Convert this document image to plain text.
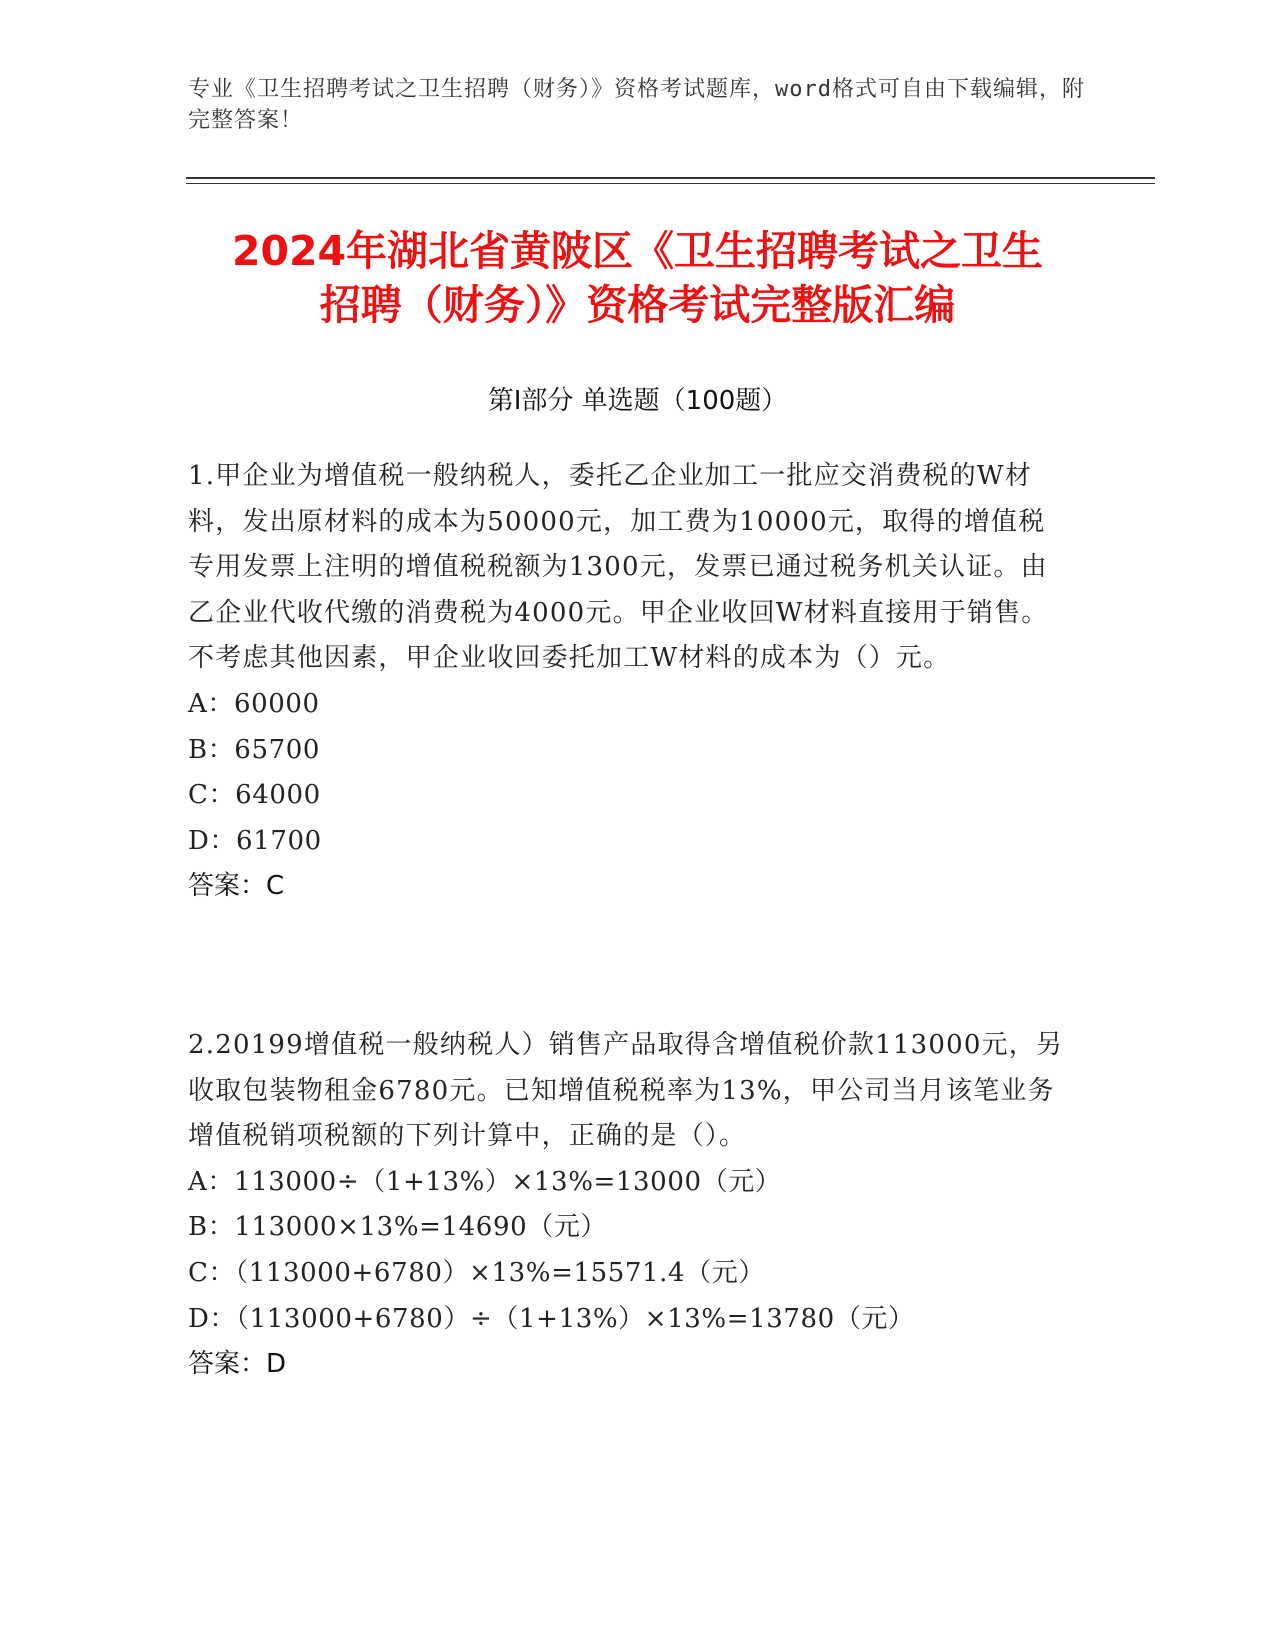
专业《卫生招聘考试之卫生招聘（财务）》资格考试题库，word格式可自由下载编辑，附完整答案！
2024年湖北省黄陂区《卫生招聘考试之卫生
招聘（财务）》资格考试完整版汇编
第Ⅰ部分 单选题（100题）
1.甲企业为增值税一般纳税人，委托乙企业加工一批应交消费税的W材料，发出原材料的成本为50000元，加工费为10000元，取得的增值税专用发票上注明的增值税税额为1300元，发票已通过税务机关认证。由乙企业代收代缴的消费税为4000元。甲企业收回W材料直接用于销售。不考虑其他因素，甲企业收回委托加工W材料的成本为（）元。
A：60000
B：65700
C：64000
D：61700
答案：C
2.20199增值税一般纳税人）销售产品取得含增值税价款113000元，另收取包装物租金6780元。已知增值税税率为13%，甲公司当月该笔业务增值税销项税额的下列计算中，正确的是（）。
A：113000÷（1+13%）×13%=13000（元）
B：113000×13%=14690（元）
C：（113000+6780）×13%=15571.4（元）
D：（113000+6780）÷（1+13%）×13%=13780（元）
答案：D
